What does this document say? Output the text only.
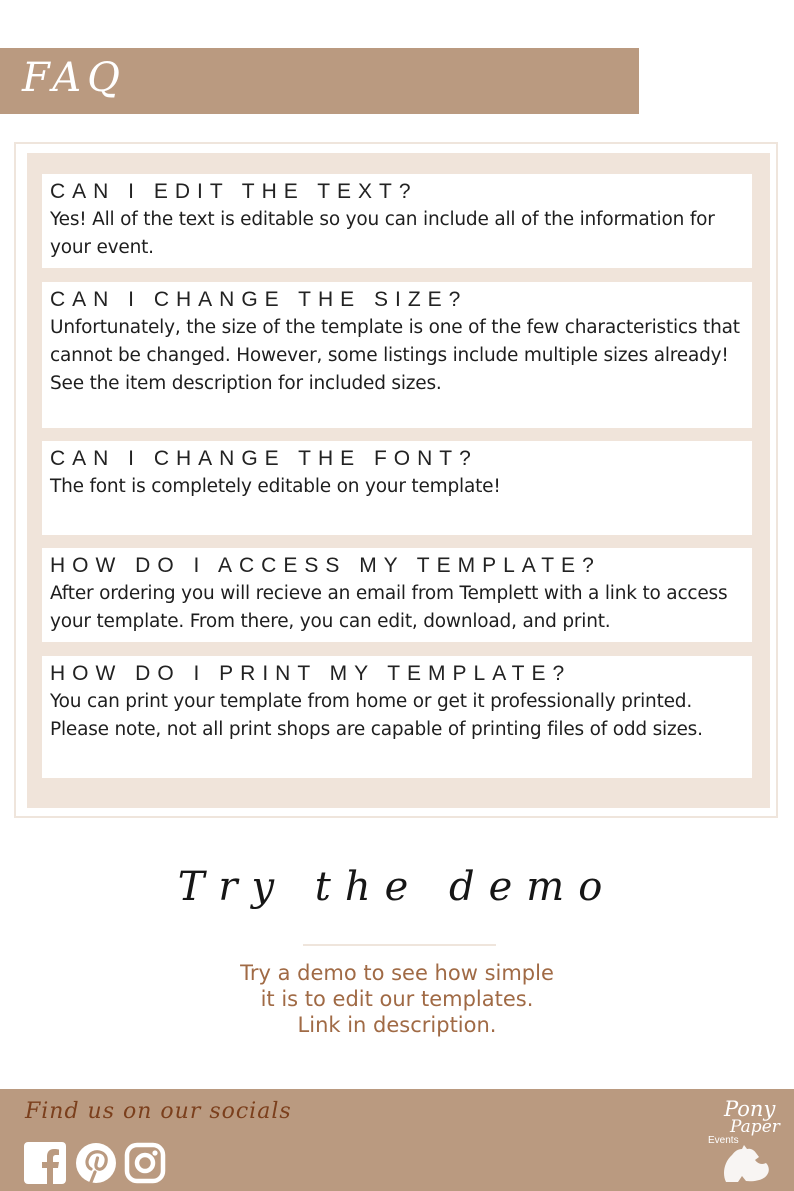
FAQ
CAN I EDIT THE TEXT?
Yes! All of the text is editable so you can include all of the information for your event.
CAN I CHANGE THE SIZE?
Unfortunately, the size of the template is one of the few characteristics that cannot be changed. However, some listings include multiple sizes already! See the item description for included sizes.
CAN I CHANGE THE FONT?
The font is completely editable on your template!
HOW DO I ACCESS MY TEMPLATE?
After ordering you will recieve an email from Templett with a link to access your template. From there, you can edit, download, and print.
HOW DO I PRINT MY TEMPLATE?
You can print your template from home or get it professionally printed. Please note, not all print shops are capable of printing files of odd sizes.
Try the demo
Try a demo to see how simple
it is to edit our templates.
Link in description.
Find us on our socials	Pony
Paper
Events
